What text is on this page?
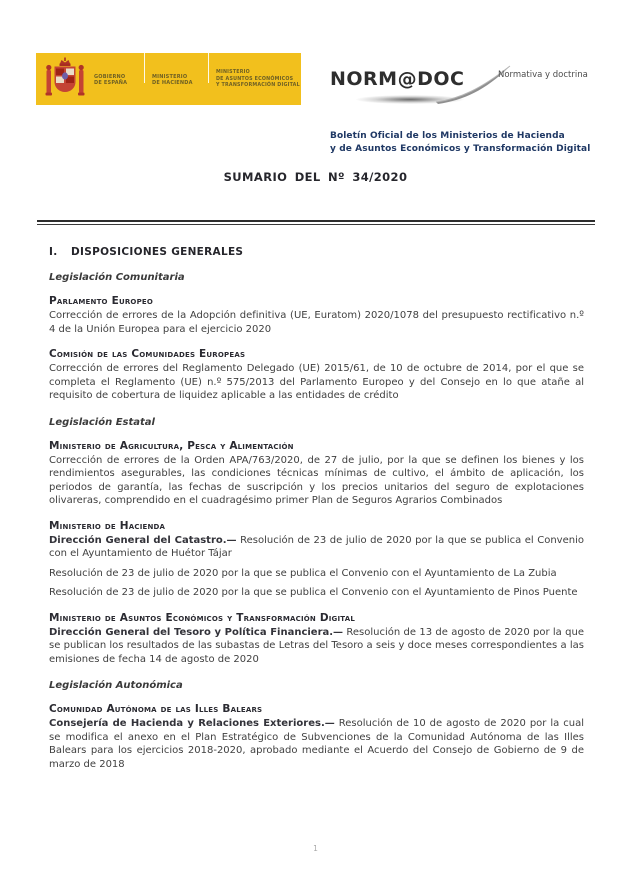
GOBIERNO
DE ESPAÑA
MINISTERIO
DE HACIENDA
MINISTERIO
DE ASUNTOS ECONÓMICOS
Y TRANSFORMACIÓN DIGITAL NORM@DOC	Normativa y doctrina
Boletín Oficial de los Ministerios de Hacienda
y de Asuntos Económicos y Transformación Digital
SUMARIO DEL Nº 34/2020

I. DISPOSICIONES GENERALES

Legislación Comunitaria

Parlamento Europeo

Corrección de errores de la Adopción definitiva (UE, Euratom) 2020/1078 del presupuesto rectificativo n.º 4 de la Unión Europea para el ejercicio 2020

Comisión de las Comunidades Europeas

Corrección de errores del Reglamento Delegado (UE) 2015/61, de 10 de octubre de 2014, por el que se completa el Reglamento (UE) n.º 575/2013 del Parlamento Europeo y del Consejo en lo que atañe al requisito de cobertura de liquidez aplicable a las entidades de crédito

Legislación Estatal

Ministerio de Agricultura, Pesca y Alimentación

Corrección de errores de la Orden APA/763/2020, de 27 de julio, por la que se definen los bienes y los rendimientos asegurables, las condiciones técnicas mínimas de cultivo, el ámbito de aplicación, los periodos de garantía, las fechas de suscripción y los precios unitarios del seguro de explotaciones olivareras, comprendido en el cuadragésimo primer Plan de Seguros Agrarios Combinados

Ministerio de Hacienda

Dirección General del Catastro.— Resolución de 23 de julio de 2020 por la que se publica el Convenio con el Ayuntamiento de Huétor Tájar

Resolución de 23 de julio de 2020 por la que se publica el Convenio con el Ayuntamiento de La Zubia

Resolución de 23 de julio de 2020 por la que se publica el Convenio con el Ayuntamiento de Pinos Puente

Ministerio de Asuntos Económicos y Transformación Digital

Dirección General del Tesoro y Política Financiera.— Resolución de 13 de agosto de 2020 por la que se publican los resultados de las subastas de Letras del Tesoro a seis y doce meses correspondientes a las emisiones de fecha 14 de agosto de 2020

Legislación Autonómica

Comunidad Autónoma de las Illes Balears

Consejería de Hacienda y Relaciones Exteriores.— Resolución de 10 de agosto de 2020 por la cual se modifica el anexo en el Plan Estratégico de Subvenciones de la Comunidad Autónoma de las Illes Balears para los ejercicios 2018-2020, aprobado mediante el Acuerdo del Consejo de Gobierno de 9 de marzo de 2018

1
